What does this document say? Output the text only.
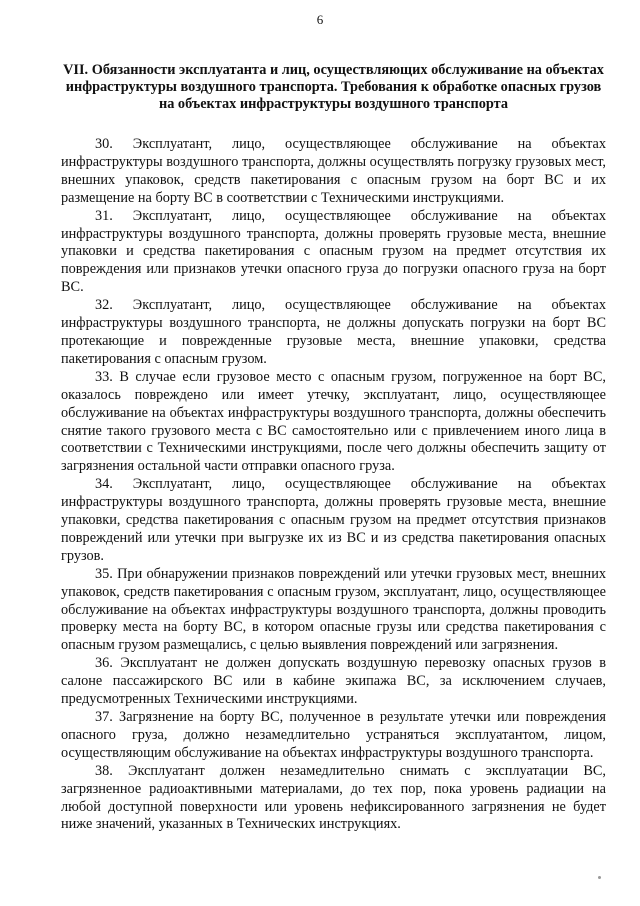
6
VII. Обязанности эксплуатанта и лиц, осуществляющих обслуживание на объектах инфраструктуры воздушного транспорта. Требования к обработке опасных грузов на объектах инфраструктуры воздушного транспорта

30. Эксплуатант, лицо, осуществляющее обслуживание на объектах инфраструктуры воздушного транспорта, должны осуществлять погрузку грузовых мест, внешних упаковок, средств пакетирования с опасным грузом на борт ВС и их размещение на борту ВС в соответствии с Техническими инструкциями.

31. Эксплуатант, лицо, осуществляющее обслуживание на объектах инфраструктуры воздушного транспорта, должны проверять грузовые места, внешние упаковки и средства пакетирования с опасным грузом на предмет отсутствия их повреждения или признаков утечки опасного груза до погрузки опасного груза на борт ВС.

32. Эксплуатант, лицо, осуществляющее обслуживание на объектах инфраструктуры воздушного транспорта, не должны допускать погрузки на борт ВС протекающие и поврежденные грузовые места, внешние упаковки, средства пакетирования с опасным грузом.

33. В случае если грузовое место с опасным грузом, погруженное на борт ВС, оказалось повреждено или имеет утечку, эксплуатант, лицо, осуществляющее обслуживание на объектах инфраструктуры воздушного транспорта, должны обеспечить снятие такого грузового места с ВС самостоятельно или с привлечением иного лица в соответствии с Техническими инструкциями, после чего должны обеспечить защиту от загрязнения остальной части отправки опасного груза.

34. Эксплуатант, лицо, осуществляющее обслуживание на объектах инфраструктуры воздушного транспорта, должны проверять грузовые места, внешние упаковки, средства пакетирования с опасным грузом на предмет отсутствия признаков повреждений или утечки при выгрузке их из ВС и из средства пакетирования опасных грузов.

35. При обнаружении признаков повреждений или утечки грузовых мест, внешних упаковок, средств пакетирования с опасным грузом, эксплуатант, лицо, осуществляющее обслуживание на объектах инфраструктуры воздушного транспорта, должны проводить проверку места на борту ВС, в котором опасные грузы или средства пакетирования с опасным грузом размещались, с целью выявления повреждений или загрязнения.

36. Эксплуатант не должен допускать воздушную перевозку опасных грузов в салоне пассажирского ВС или в кабине экипажа ВС, за исключением случаев, предусмотренных Техническими инструкциями.

37. Загрязнение на борту ВС, полученное в результате утечки или повреждения опасного груза, должно незамедлительно устраняться эксплуатантом, лицом, осуществляющим обслуживание на объектах инфраструктуры воздушного транспорта.

38. Эксплуатант должен незамедлительно снимать с эксплуатации ВС, загрязненное радиоактивными материалами, до тех пор, пока уровень радиации на любой доступной поверхности или уровень нефиксированного загрязнения не будет ниже значений, указанных в Технических инструкциях.
